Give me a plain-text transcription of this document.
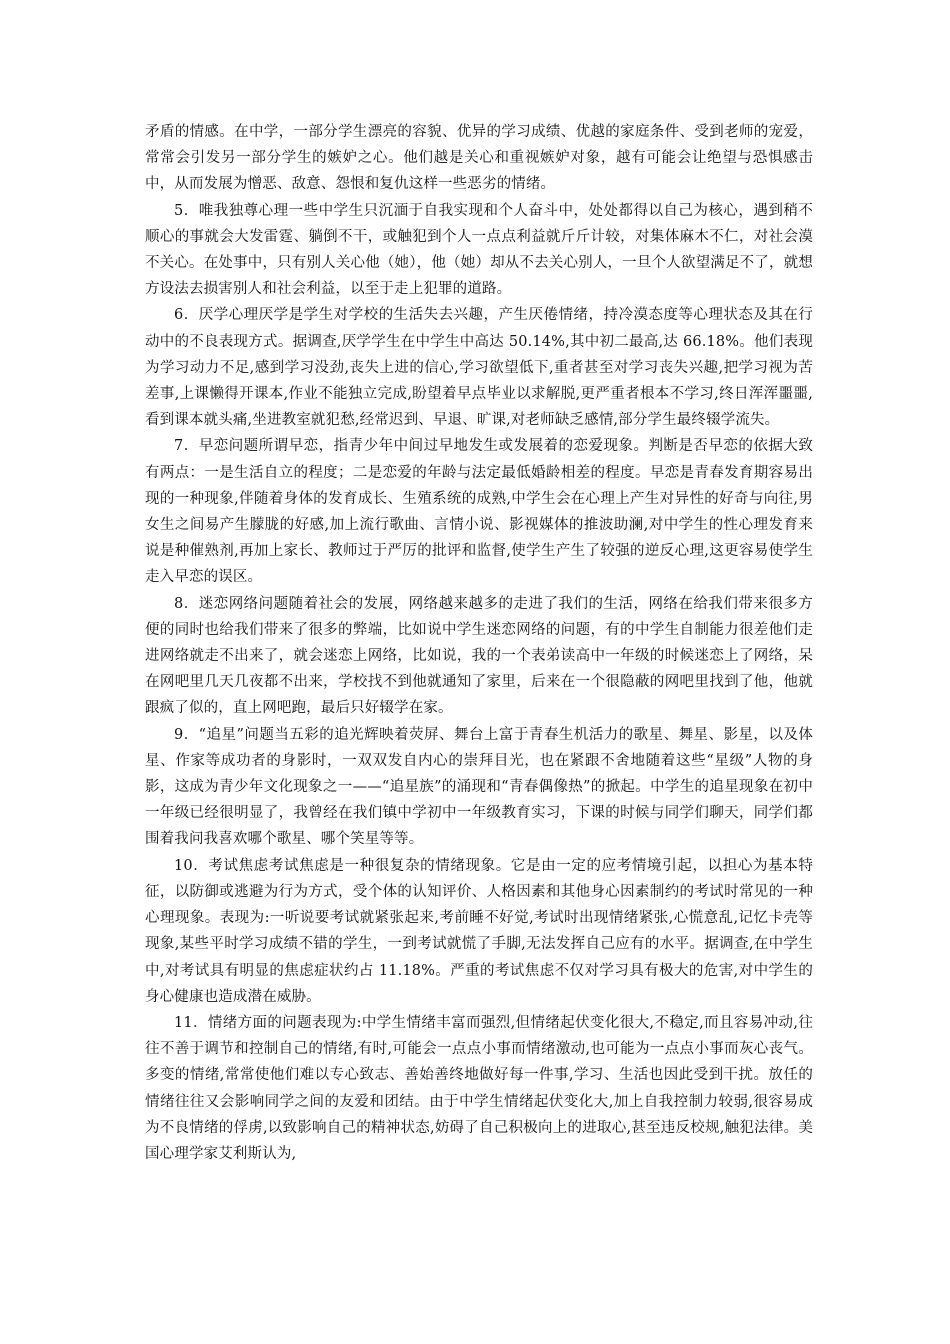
矛盾的情感。在中学，一部分学生漂亮的容貌、优异的学习成绩、优越的家庭条件、受到老师的宠爱，常常会引发另一部分学生的嫉妒之心。他们越是关心和重视嫉妒对象，越有可能会让绝望与恐惧感击中，从而发展为憎恶、敌意、怨恨和复仇这样一些恶劣的情绪。

5．唯我独尊心理一些中学生只沉湎于自我实现和个人奋斗中，处处都得以自己为核心，遇到稍不顺心的事就会大发雷霆、躺倒不干，或触犯到个人一点点利益就斤斤计较，对集体麻木不仁，对社会漠不关心。在处事中，只有别人关心他（她），他（她）却从不去关心别人，一旦个人欲望满足不了，就想方设法去损害别人和社会利益，以至于走上犯罪的道路。

6．厌学心理厌学是学生对学校的生活失去兴趣，产生厌倦情绪，持冷漠态度等心理状态及其在行动中的不良表现方式。据调查,厌学学生在中学生中高达 50.14%,其中初二最高,达 66.18%。他们表现为学习动力不足,感到学习没劲,丧失上进的信心,学习欲望低下,重者甚至对学习丧失兴趣,把学习视为苦差事,上课懒得开课本,作业不能独立完成,盼望着早点毕业以求解脱,更严重者根本不学习,终日浑浑噩噩,看到课本就头痛,坐进教室就犯愁,经常迟到、早退、旷课,对老师缺乏感情,部分学生最终辍学流失。

7．早恋问题所谓早恋，指青少年中间过早地发生或发展着的恋爱现象。判断是否早恋的依据大致有两点：一是生活自立的程度；二是恋爱的年龄与法定最低婚龄相差的程度。早恋是青春发育期容易出现的一种现象,伴随着身体的发育成长、生殖系统的成熟,中学生会在心理上产生对异性的好奇与向往,男女生之间易产生朦胧的好感,加上流行歌曲、言情小说、影视媒体的推波助澜,对中学生的性心理发育来说是种催熟剂,再加上家长、教师过于严厉的批评和监督,使学生产生了较强的逆反心理,这更容易使学生走入早恋的误区。

8．迷恋网络问题随着社会的发展，网络越来越多的走进了我们的生活，网络在给我们带来很多方便的同时也给我们带来了很多的弊端，比如说中学生迷恋网络的问题，有的中学生自制能力很差他们走进网络就走不出来了，就会迷恋上网络，比如说，我的一个表弟读高中一年级的时候迷恋上了网络，呆在网吧里几天几夜都不出来，学校找不到他就通知了家里，后来在一个很隐蔽的网吧里找到了他，他就跟疯了似的，直上网吧跑，最后只好辍学在家。

9．“追星”问题当五彩的追光辉映着荧屏、舞台上富于青春生机活力的歌星、舞星、影星，以及体星、作家等成功者的身影时，一双双发自内心的崇拜目光，也在紧跟不舍地随着这些“星级”人物的身影，这成为青少年文化现象之一——“追星族”的涌现和“青春偶像热”的掀起。中学生的追星现象在初中一年级已经很明显了，我曾经在我们镇中学初中一年级教育实习，下课的时候与同学们聊天，同学们都围着我问我喜欢哪个歌星、哪个笑星等等。

10．考试焦虑考试焦虑是一种很复杂的情绪现象。它是由一定的应考情境引起，以担心为基本特征，以防御或逃避为行为方式，受个体的认知评价、人格因素和其他身心因素制约的考试时常见的一种心理现象。表现为:一听说要考试就紧张起来,考前睡不好觉,考试时出现情绪紧张,心慌意乱,记忆卡壳等现象,某些平时学习成绩不错的学生，一到考试就慌了手脚,无法发挥自己应有的水平。据调查,在中学生中,对考试具有明显的焦虑症状约占 11.18%。严重的考试焦虑不仅对学习具有极大的危害,对中学生的身心健康也造成潜在威胁。

11．情绪方面的问题表现为:中学生情绪丰富而强烈,但情绪起伏变化很大,不稳定,而且容易冲动,往往不善于调节和控制自己的情绪,有时,可能会一点点小事而情绪激动,也可能为一点点小事而灰心丧气。多变的情绪,常常使他们难以专心致志、善始善终地做好每一件事,学习、生活也因此受到干扰。放任的情绪往往又会影响同学之间的友爱和团结。由于中学生情绪起伏变化大,加上自我控制力较弱,很容易成为不良情绪的俘虏,以致影响自己的精神状态,妨碍了自己积极向上的进取心,甚至违反校规,触犯法律。美国心理学家艾利斯认为,
